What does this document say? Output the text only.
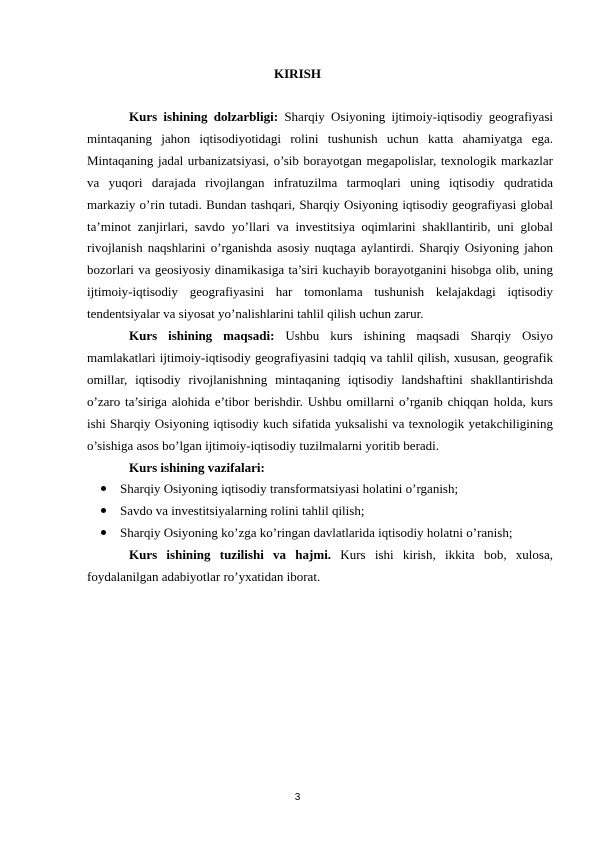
KIRISH

Kurs ishining dolzarbligi: Sharqiy Osiyoning ijtimoiy-iqtisodiy geografiyasi mintaqaning jahon iqtisodiyotidagi rolini tushunish uchun katta ahamiyatga ega. Mintaqaning jadal urbanizatsiyasi, o’sib borayotgan megapolislar, texnologik markazlar va yuqori darajada rivojlangan infratuzilma tarmoqlari uning iqtisodiy qudratida markaziy o’rin tutadi. Bundan tashqari, Sharqiy Osiyoning iqtisodiy geografiyasi global ta’minot zanjirlari, savdo yo’llari va investitsiya oqimlarini shakllantirib, uni global rivojlanish naqshlarini o’rganishda asosiy nuqtaga aylantirdi. Sharqiy Osiyoning jahon bozorlari va geosiyosiy dinamikasiga ta’siri kuchayib borayotganini hisobga olib, uning ijtimoiy-iqtisodiy geografiyasini har tomonlama tushunish kelajakdagi iqtisodiy tendentsiyalar va siyosat yo’nalishlarini tahlil qilish uchun zarur.

Kurs ishining maqsadi: Ushbu kurs ishining maqsadi Sharqiy Osiyo mamlakatlari ijtimoiy-iqtisodiy geografiyasini tadqiq va tahlil qilish, xususan, geografik omillar, iqtisodiy rivojlanishning mintaqaning iqtisodiy landshaftini shakllantirishda o’zaro ta’siriga alohida e’tibor berishdir. Ushbu omillarni o’rganib chiqqan holda, kurs ishi Sharqiy Osiyoning iqtisodiy kuch sifatida yuksalishi va texnologik yetakchiligining o’sishiga asos bo’lgan ijtimoiy-iqtisodiy tuzilmalarni yoritib beradi.

Kurs ishining vazifalari:

Sharqiy Osiyoning iqtisodiy transformatsiyasi holatini o’rganish;
Savdo va investitsiyalarning rolini tahlil qilish;
Sharqiy Osiyoning ko’zga ko’ringan davlatlarida iqtisodiy holatni o’ranish;

Kurs ishining tuzilishi va hajmi. Kurs ishi kirish, ikkita bob, xulosa, foydalanilgan adabiyotlar ro’yxatidan iborat.

3
